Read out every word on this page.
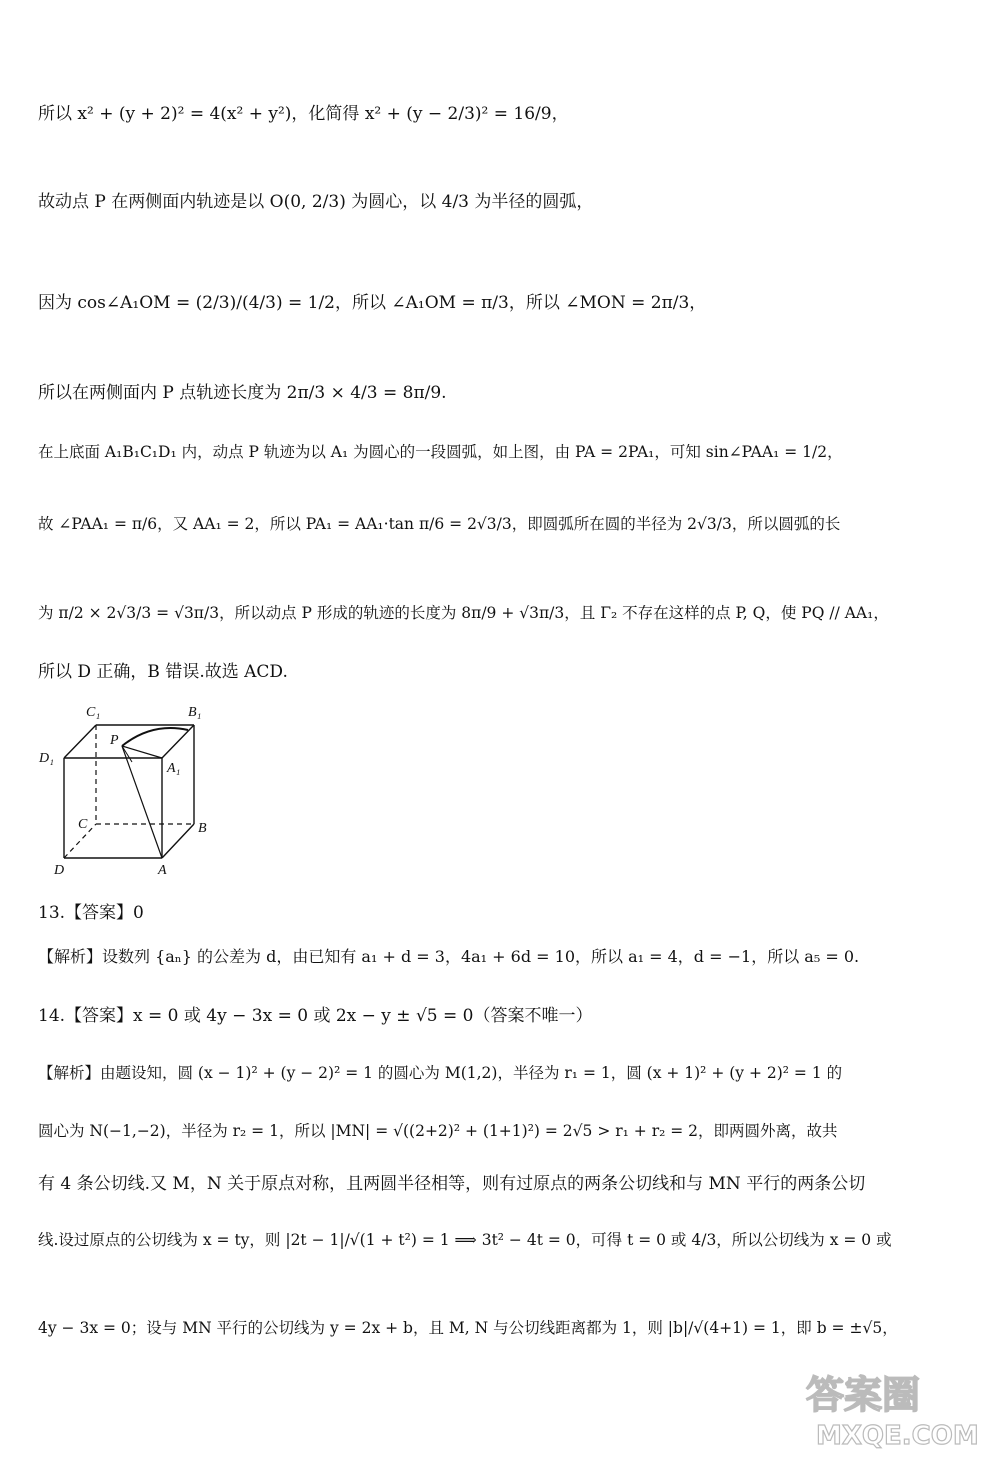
所以 x² + (y + 2)² = 4(x² + y²)，化简得 x² + (y − 2/3)² = 16/9，
故动点 P 在两侧面内轨迹是以 O(0, 2/3) 为圆心，以 4/3 为半径的圆弧，
因为 cos∠A₁OM = (2/3)/(4/3) = 1/2，所以 ∠A₁OM = π/3，所以 ∠MON = 2π/3，
所以在两侧面内 P 点轨迹长度为 2π/3 × 4/3 = 8π/9.
在上底面 A₁B₁C₁D₁ 内，动点 P 轨迹为以 A₁ 为圆心的一段圆弧，如上图，由 PA = 2PA₁，可知 sin∠PAA₁ = 1/2，
故 ∠PAA₁ = π/6，又 AA₁ = 2，所以 PA₁ = AA₁·tan π/6 = 2√3/3，即圆弧所在圆的半径为 2√3/3，所以圆弧的长
为 π/2 × 2√3/3 = √3π/3，所以动点 P 形成的轨迹的长度为 8π/9 + √3π/3，且 Γ₂ 不存在这样的点 P, Q，使 PQ // AA₁，
所以 D 正确，B 错误.故选 ACD.
C₁	B₁
D₁
P
A₁
C	B
D	A
13.【答案】0
【解析】设数列 {aₙ} 的公差为 d，由已知有 a₁ + d = 3，4a₁ + 6d = 10，所以 a₁ = 4，d = −1，所以 a₅ = 0.
14.【答案】x = 0 或 4y − 3x = 0 或 2x − y ± √5 = 0（答案不唯一）
【解析】由题设知，圆 (x − 1)² + (y − 2)² = 1 的圆心为 M(1,2)，半径为 r₁ = 1，圆 (x + 1)² + (y + 2)² = 1 的
圆心为 N(−1,−2)，半径为 r₂ = 1，所以 |MN| = √((2+2)² + (1+1)²) = 2√5 > r₁ + r₂ = 2，即两圆外离，故共
有 4 条公切线.又 M，N 关于原点对称，且两圆半径相等，则有过原点的两条公切线和与 MN 平行的两条公切
线.设过原点的公切线为 x = ty，则 |2t − 1|/√(1 + t²) = 1 ⟹ 3t² − 4t = 0，可得 t = 0 或 4/3，所以公切线为 x = 0 或
4y − 3x = 0；设与 MN 平行的公切线为 y = 2x + b，且 M, N 与公切线距离都为 1，则 |b|/√(4+1) = 1，即 b = ±√5，
答案圈
MXQE.COM
